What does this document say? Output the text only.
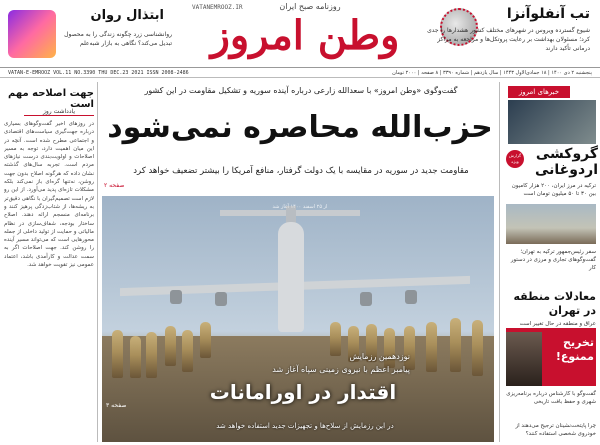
روزنامه صبح ایران
VATANEMROOZ.IR
وطن امروز	تب آنفلوآنزا
شیوع گسترده ویروس در شهرهای مختلف کشور هشدارها را جدی کرد؛ مسئولان بهداشت بر رعایت پروتکل‌ها و مراجعه به مراکز درمانی تأکید دارند
ابتذال روان
روانشناسی زرد چگونه زندگی را به محصول تبدیل می‌کند؟ نگاهی به بازار شبه‌علم
پنجشنبه ۲ دی ۱۴۰۰ | ۱۸ جمادی‌الاول ۱۴۴۳ | سال یازدهم | شماره ۳۳۹۰ | ۸ صفحه | ۲۰۰۰ تومان
VATAN-E-EMROOZ VOL.11 NO.3390 THU DEC.23 2021 ISSN 2008-2486
جهت اصلاحه مهم است
یادداشت روز
در روزهای اخیر گفت‌وگوهای بسیاری درباره جهت‌گیری سیاست‌های اقتصادی و اجتماعی مطرح شده است. آنچه در این میان اهمیت دارد، توجه به مسیر اصلاحات و اولویت‌بندی درست نیازهای مردم است. تجربه سال‌های گذشته نشان داده که هرگونه اصلاح بدون جهت روشن، نه‌تنها گره‌ای باز نمی‌کند بلکه مشکلات تازه‌ای پدید می‌آورد. از این رو لازم است تصمیم‌گیران با نگاهی دقیق‌تر به ریشه‌ها، از شتاب‌زدگی پرهیز کنند و برنامه‌ای منسجم ارائه دهند. اصلاح ساختار بودجه، شفاف‌سازی در نظام مالیاتی و حمایت از تولید داخلی از جمله محورهایی است که می‌تواند مسیر آینده را روشن کند. جهت اصلاحات اگر به سمت عدالت و کارآمدی باشد، اعتماد عمومی نیز تقویت خواهد شد.
گفت‌وگوی «وطن امروز» با سعدالله زارعی درباره آینده سوریه و تشکیل مقاومت در این کشور
حزب‌الله محاصره نمی‌شود
مقاومت جدید در سوریه در مقایسه با یک دولت گرفتار، منافع آمریکا را بیشتر تضعیف خواهد کرد
صفحه ۲
از ۲۵ اسفند ۱۴۰۰ آغاز شد
نوزدهمین رزمایش
پیامبر اعظم با نیروی زمینی سپاه آغاز شد
اقتدار در اورامانات
صفحه ۳
در این رزمایش از سلاح‌ها و تجهیزات جدید استفاده خواهد شد
خبرهای امروز
گروکشی اردوغانی
گزارش ویژه
ترکیه در مرز ایران، ۲۰۰ هزار کامیون بین ۳۰ تا ۵۰ میلیون تومان است
سفر رئیس‌جمهور ترکیه به تهران؛ گفت‌وگوهای تجاری و مرزی در دستور کار
معادلات منطقه در تهران
عراق و منطقه در حال تغییر است
تخریح ممنوع!
گفت‌وگو با کارشناس درباره برنامه‌ریزی شهری و حفظ بافت تاریخی
چرا پایتخت‌نشینان ترجیح می‌دهند از خودروی شخصی استفاده کنند؟
